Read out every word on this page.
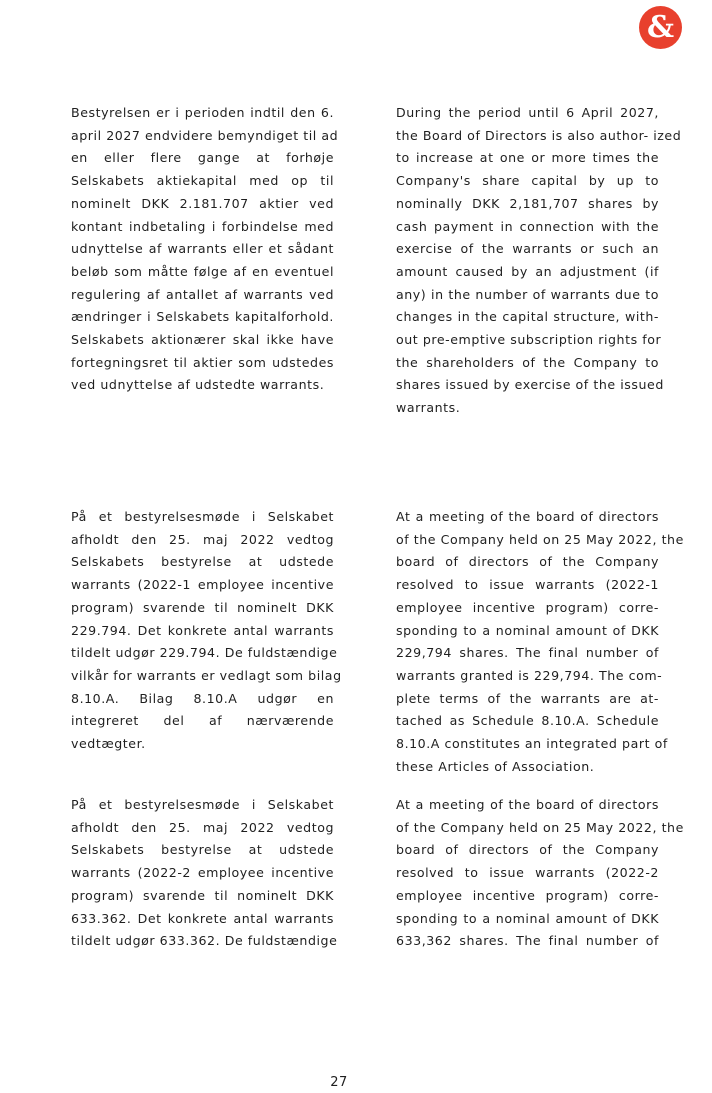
&

Bestyrelsen er i perioden indtil den 6.
april 2027 endvidere bemyndiget til ad
en eller flere gange at forhøje
Selskabets aktiekapital med op til
nominelt DKK 2.181.707 aktier ved
kontant indbetaling i forbindelse med
udnyttelse af warrants eller et sådant
beløb som måtte følge af en eventuel
regulering af antallet af warrants ved
ændringer i Selskabets kapitalforhold.
Selskabets aktionærer skal ikke have
fortegningsret til aktier som udstedes
ved udnyttelse af udstedte warrants.

During the period until 6 April 2027,
the Board of Directors is also author- ized
to increase at one or more times the
Company's share capital by up to
nominally DKK 2,181,707 shares by
cash payment in connection with the
exercise of the warrants or such an
amount caused by an adjustment (if
any) in the number of warrants due to
changes in the capital structure, with-
out pre-emptive subscription rights for
the shareholders of the Company to
shares issued by exercise of the issued
warrants.

På et bestyrelsesmøde i Selskabet
afholdt den 25. maj 2022 vedtog
Selskabets bestyrelse at udstede
warrants (2022-1 employee incentive
program) svarende til nominelt DKK
229.794. Det konkrete antal warrants
tildelt udgør 229.794. De fuldstændige
vilkår for warrants er vedlagt som bilag
8.10.A. Bilag 8.10.A udgør en
integreret del af nærværende
vedtægter.

At a meeting of the board of directors
of the Company held on 25 May 2022, the
board of directors of the Company
resolved to issue warrants (2022-1
employee incentive program) corre-
sponding to a nominal amount of DKK
229,794 shares. The final number of
warrants granted is 229,794. The com-
plete terms of the warrants are at-
tached as Schedule 8.10.A. Schedule
8.10.A constitutes an integrated part of
these Articles of Association.

På et bestyrelsesmøde i Selskabet
afholdt den 25. maj 2022 vedtog
Selskabets bestyrelse at udstede
warrants (2022-2 employee incentive
program) svarende til nominelt DKK
633.362. Det konkrete antal warrants
tildelt udgør 633.362. De fuldstændige

At a meeting of the board of directors
of the Company held on 25 May 2022, the
board of directors of the Company
resolved to issue warrants (2022-2
employee incentive program) corre-
sponding to a nominal amount of DKK
633,362 shares. The final number of

27
